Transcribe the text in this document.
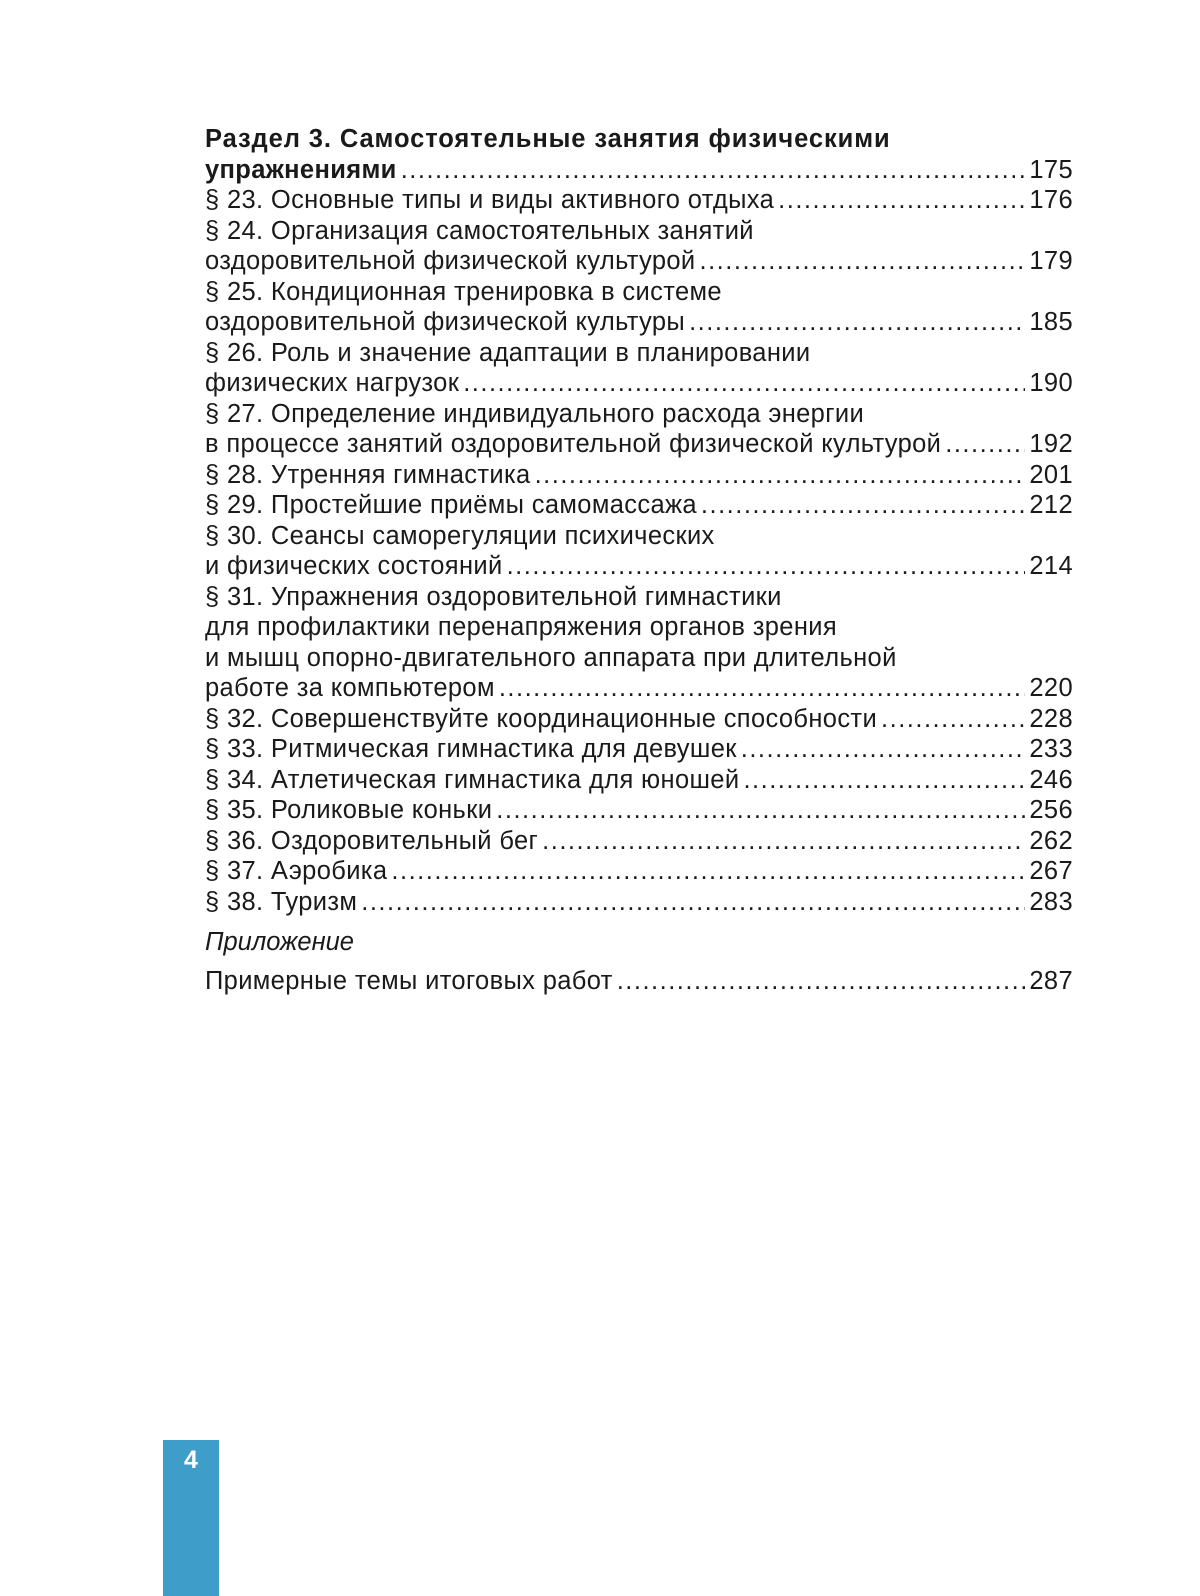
Раздел 3. Самостоятельные занятия физическими
упражнениями .....	175
§ 23. Основные типы и виды активного отдыха .....	176
§ 24. Организация самостоятельных занятий
оздоровительной физической культурой .....	179
§ 25. Кондиционная тренировка в системе
оздоровительной физической культуры .....	185
§ 26. Роль и значение адаптации в планировании
физических нагрузок .....	190
§ 27. Определение индивидуального расхода энергии
в процессе занятий оздоровительной физической культурой .....	192
§ 28. Утренняя гимнастика .....	201
§ 29. Простейшие приёмы самомассажа .....	212
§ 30. Сеансы саморегуляции психических
и физических состояний .....	214
§ 31. Упражнения оздоровительной гимнастики
для профилактики перенапряжения органов зрения
и мышц опорно-двигательного аппарата при длительной
работе за компьютером .....	220
§ 32. Совершенствуйте координационные способности .....	228
§ 33. Ритмическая гимнастика для девушек .....	233
§ 34. Атлетическая гимнастика для юношей .....	246
§ 35. Роликовые коньки .....	256
§ 36. Оздоровительный бег .....	262
§ 37. Аэробика .....	267
§ 38. Туризм .....	283
Приложение
Примерные темы итоговых работ .....	287
4
